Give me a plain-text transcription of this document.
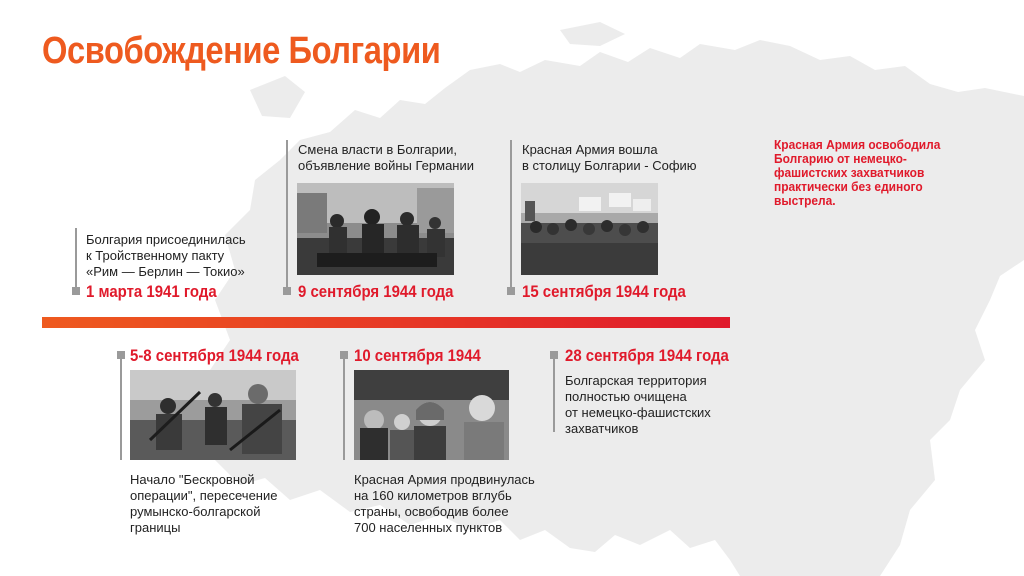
Освобождение Болгарии
Красная Армия освободила Болгарию от немецко-фашистских захватчиков практически без единого выстрела.
Болгария присоединилась
к Тройственному пакту
«Рим — Берлин — Токио»
1 марта 1941 года
Смена власти в Болгарии,
объявление войны Германии
9 сентября 1944 года
Красная Армия вошла
в столицу Болгарии - Софию
15 сентября 1944 года
5-8 сентября 1944 года
Начало "Бескровной
операции", пересечение
румынско-болгарской
границы
10 сентября 1944
Красная Армия продвинулась
на 160 километров вглубь
страны, освободив более
700 населенных пунктов
28 сентября 1944 года
Болгарская территория
полностью очищена
от немецко-фашистских
захватчиков
